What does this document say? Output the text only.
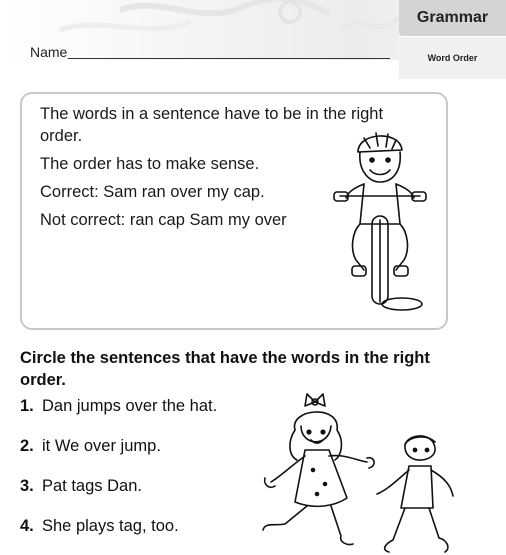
Grammar
Word Order
Name

The words in a sentence have to be in the right order.

The order has to make sense.

Correct: Sam ran over my cap.

Not correct: ran cap Sam my over

Circle the sentences that have the words in the right order.
1. Dan jumps over the hat.
2. it We over jump.
3. Pat tags Dan.
4. She plays tag, too.
